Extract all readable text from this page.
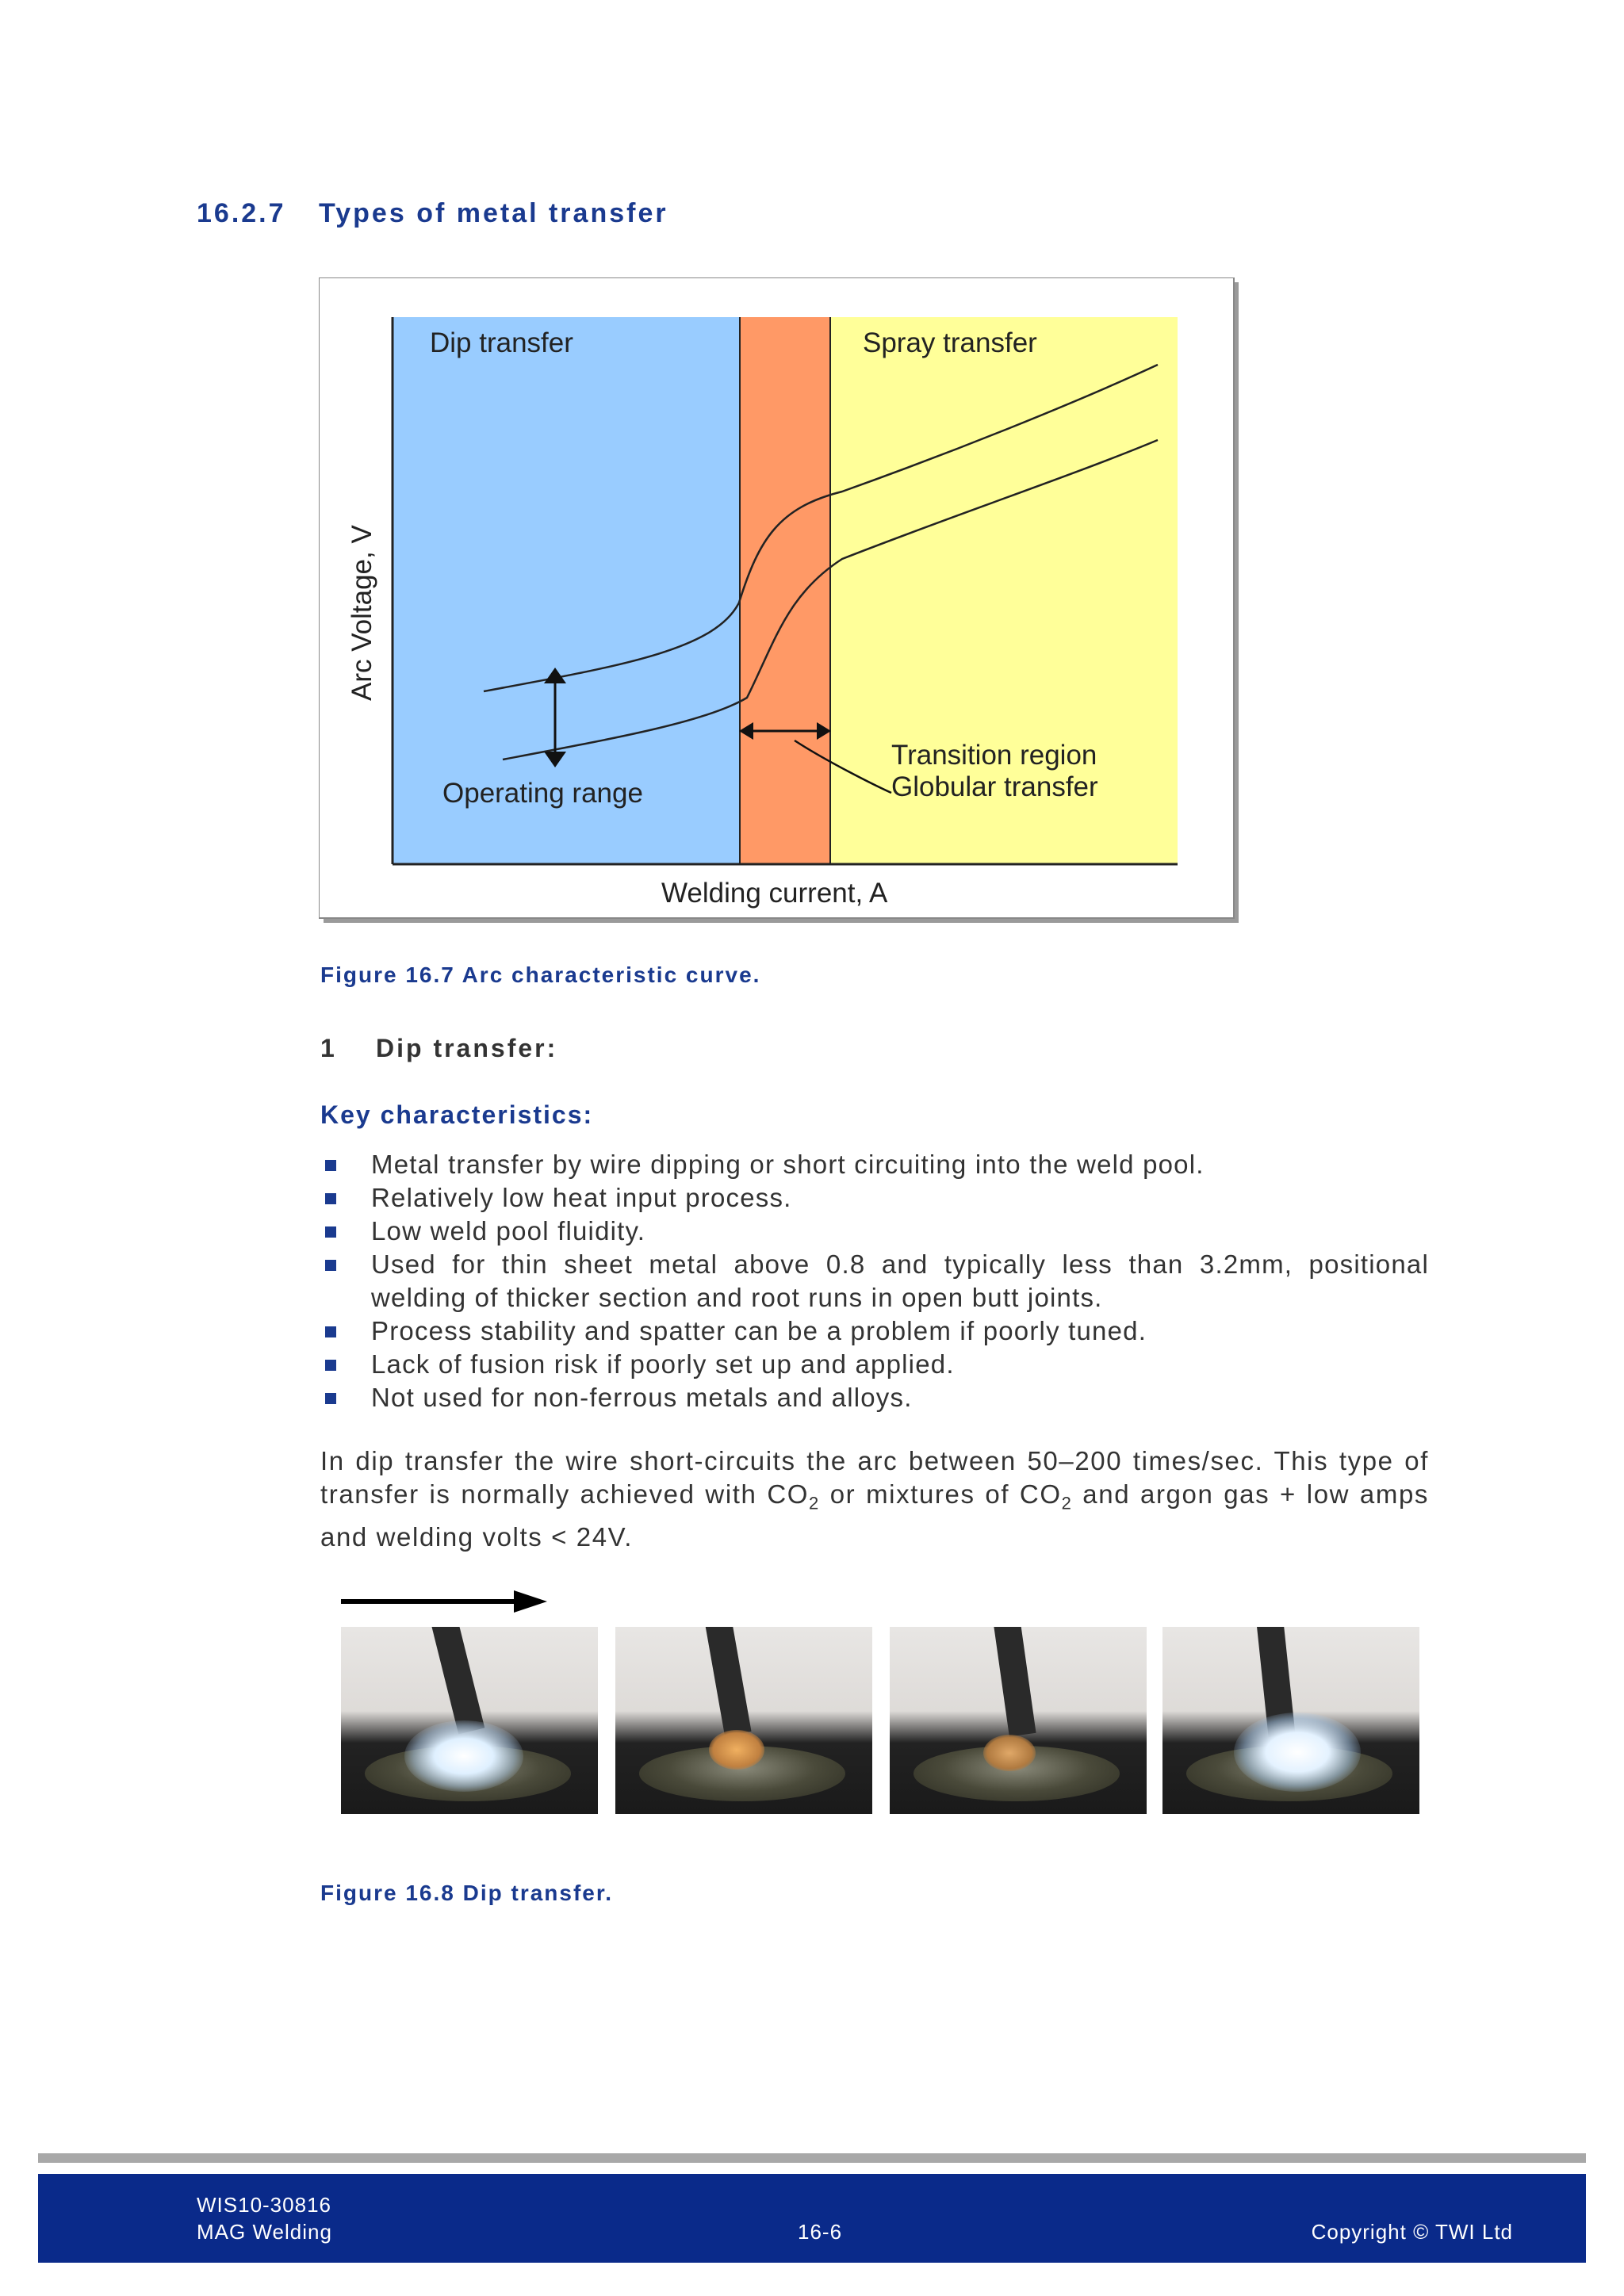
16.2.7 Types of metal transfer
Dip transfer	Spray transfer
Operating range
Transition region
Globular transfer
Welding current, A
Arc Voltage, V
Figure 16.7 Arc characteristic curve.
1 Dip transfer:
Key characteristics:
Metal transfer by wire dipping or short circuiting into the weld pool.
Relatively low heat input process.
Low weld pool fluidity.
Used for thin sheet metal above 0.8 and typically less than 3.2mm, positional welding of thicker section and root runs in open butt joints.
Process stability and spatter can be a problem if poorly tuned.
Lack of fusion risk if poorly set up and applied.
Not used for non-ferrous metals and alloys.

In dip transfer the wire short-circuits the arc between 50–200 times/sec. This type of transfer is normally achieved with $CO_2$ or mixtures of $CO_2$ and argon gas + low amps and welding volts < 24V.

Figure 16.8 Dip transfer.
WIS10-30816
MAG Welding	16-6	Copyright © TWI Ltd
